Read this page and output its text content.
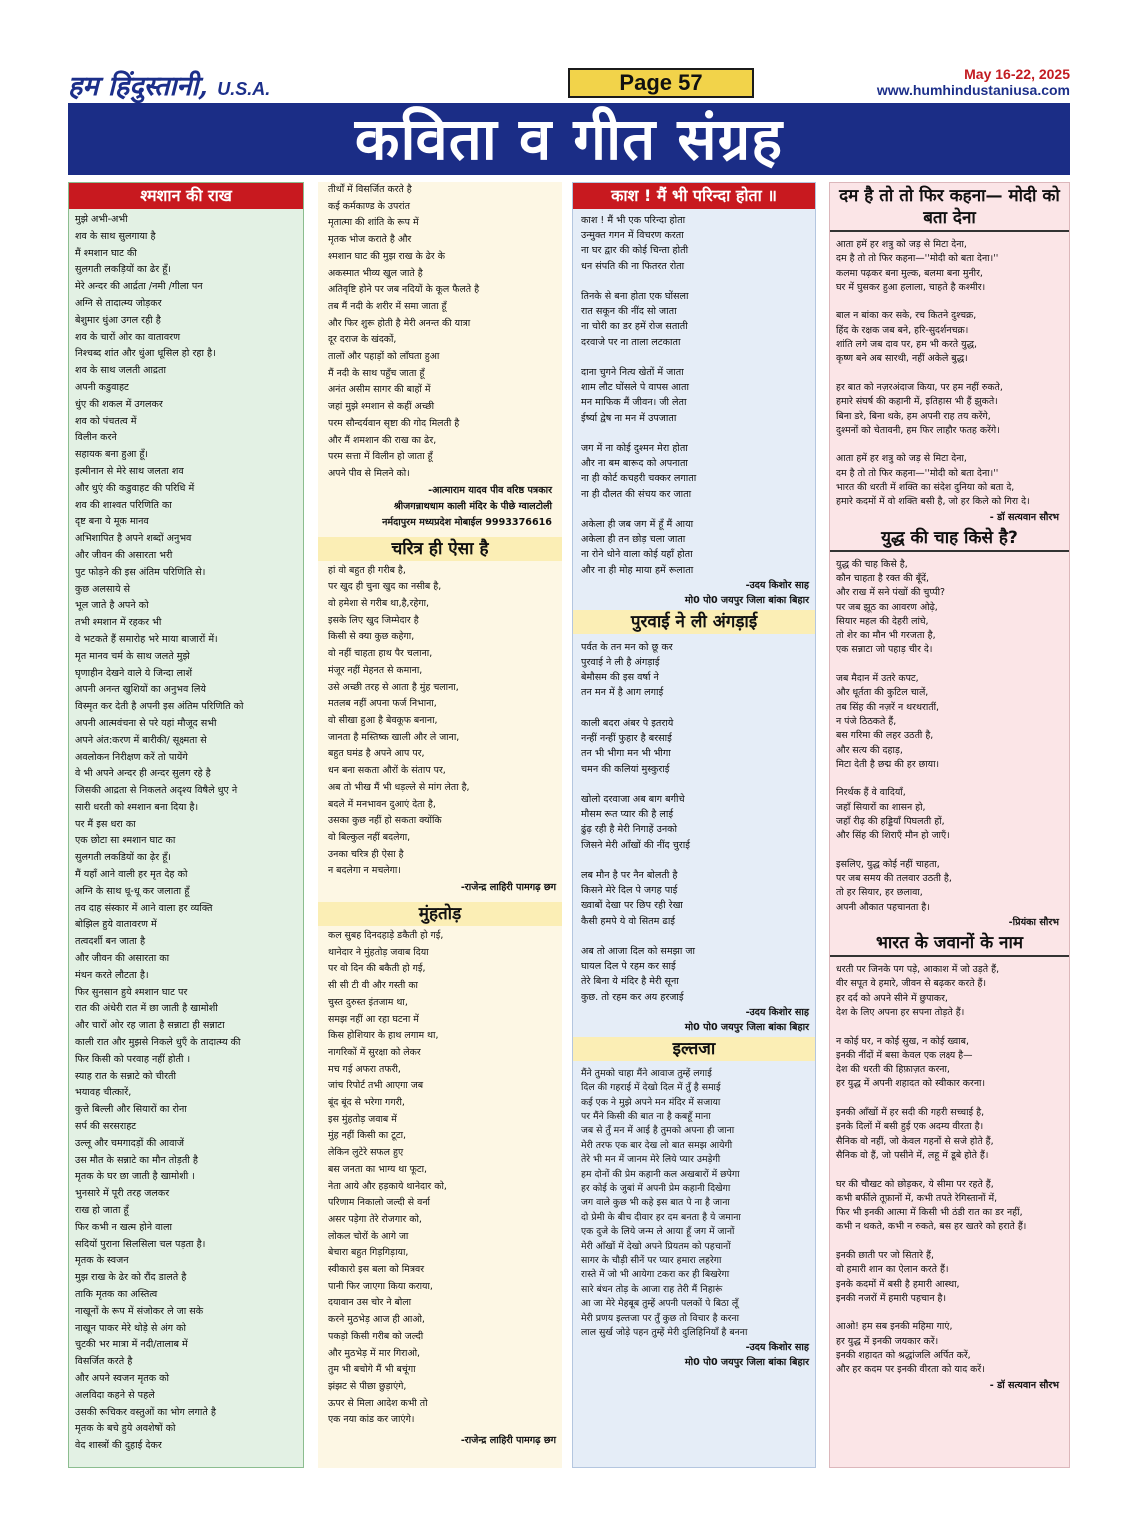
हम हिंदुस्तानी, U.S.A.	Page 57	May 16-22, 2025
www.humhindustaniusa.com
कविता व गीत संग्रह
श्मशान की राख
मुझे अभी-अभी
शव के साथ सुलगाया है
मैं श्मशान घाट की
सुलगती लकड़ियों का ढेर हूँ।
मेरे अन्दर की आर्द्रता /नमी /गीला पन
अग्नि से तादात्म्य जोड़कर
बेशुमार धुंआ उगल रही है
शव के चारों ओर का वातावरण
निश्चब्द शांत और धुंआ धूसिल हो रहा है।
शव के साथ जलती आद्रता
अपनी कडुवाहट
धुंए की शकल में उगलकर
शव को पंचतत्व में
विलीन करने
सहायक बना हुआ हूँ।
इत्मीनान से मेरे साथ जलता शव
और धुएं की कडुवाहट की परिधि में
शव की शाश्वत परिणिति का
दृष्ट बना ये मूक मानव
अभिशापित है अपने शब्दों अनुभव
और जीवन की असारता भरी
पुट फोड़ने की इस अंतिम परिणिति से।
कुछ अलसाये से
भूल जाते है अपने को
तभी श्मशान में रहकर भी
वे भटकते हैं समारोह भरे माया बाजारों में।
मृत मानव चर्म के साथ जलते मुझे
घृणाहीन देखने वाले ये जिन्दा लाशें
अपनी अनन्त खुशियों का अनुभव लिये
विस्मृत कर देती है अपनी इस अंतिम परिणिति को
अपनी आत्मवंचना से परे यहां मौजूद सभी
अपने अंत:करण में बारीकी/ सूक्ष्मता से
अवलोकन निरीक्षण करें तो पायेंगे
वे भी अपने अन्दर ही अन्दर सुलग रहे है
जिसकी आद्रता से निकलते अदृश्य विषैले धुए ने
सारी धरती को श्मशान बना दिया है।
पर मैं इस धरा का
एक छोटा सा श्मशान घाट का
सुलगती लकडियों का ढ़ेर हूँ।
मैं यहाँ आने वाली हर मृत देह को
अग्नि के साथ धू-धू कर जलाता हूँ
तव दाह संस्कार में आने वाला हर व्यक्ति
बोझिल हुये वातावरण में
तत्वदर्शी बन जाता है
और जीवन की असारता का
मंथन करते लौटता है।
फिर सुनसान हुये श्मशान घाट पर
रात की अंधेरी रात में छा जाती है खामोशी
और चारों ओर रह जाता है सन्नाटा ही सन्नाटा
काली रात और मुझसे निकले धुएँ के तादात्म्य की
फिर किसी को परवाह नहीं होती ।
स्याह रात के सन्नाटे को चीरती
भयावह चीत्कारें,
कुत्ते बिल्ली और सियारों का रोना
सर्प की सरसराहट
उल्लू और चमगादड़ों की आवाजें
उस मौत के सन्नाटे का मौन तोड़ती है
मृतक के घर छा जाती है खामोशी ।
भुनसारे में पूरी तरह जलकर
राख हो जाता हूँ
फिर कभी न खत्म होने वाला
सदियों पुराना सिलसिला चल पड़ता है।
मृतक के स्वजन
मुझ राख के ढेर को रौंद डालते है
ताकि मृतक का अस्तित्व
नाखूनों के रूप में संजोकर ले जा सके
नाखून पाकर मेरे थोड़े से अंग को
चुटकी भर मात्रा में नदी/तालाब में
विसर्जित करते है
और अपने स्वजन मृतक को
अलविदा कहने से पहले
उसकी रूचिकर वस्तुओं का भोग लगाते है
मृतक के बचे हुये अवशेषों को
वेद शास्त्रों की दुहाई देकर
तीर्थों में विसर्जित करते है
कई कर्मकाण्ड के उपरांत
मृतात्मा की शांति के रूप में
मृतक भोज कराते है और
श्मशान घाट की मुझ राख के ढेर के
अकस्मात भीव्य खुल जाते है
अतिवृष्टि होने पर जब नदियों के कूल फैलते है
तब मैं नदी के शरीर में समा जाता हूँ
और फिर शुरू होती है मेरी अनन्त की यात्रा
दूर दराज के खंदकों,
तालों और पहाड़ों को लाँघता हुआ
मैं नदी के साथ पहुँच जाता हूँ
अनंत असीम सागर की बाहों में
जहां मुझे श्मशान से कहीं अच्छी
परम सौन्दर्यवान सृष्टा की गोद मिलती है
और मैं शमशान की राख का ढेर,
परम सत्ता में विलीन हो जाता हूँ
अपने पीव से मिलने को।
-आत्माराम यादव पीव वरिष्ठ पत्रकार
श्रीजगन्नाथधाम काली मंदिर के पीछे ग्वालटोली
नर्मदापुरम मध्यप्रदेश मोबाईल 9993376616
चरित्र ही ऐसा है
हां वो बहुत ही गरीब है,
पर खुद ही चुना खुद का नसीब है,
वो हमेशा से गरीब था,है,रहेगा,
इसके लिए खुद जिम्मेदार है
किसी से क्या कुछ कहेगा,
वो नहीं चाहता हाथ पैर चलाना,
मंजूर नहीं मेहनत से कमाना,
उसे अच्छी तरह से आता है मुंह चलाना,
मतलब नहीं अपना फर्ज निभाना,
वो सीखा हुआ है बेवकूफ बनाना,
जानता है मस्तिष्क खाली और ले जाना,
बहुत घमंड है अपने आप पर,
धन बना सकता औरों के संताप पर,
अब तो भीख मैं भी धड़ल्ले से मांग लेता है,
बदले में मनभावन दुआएं देता है,
उसका कुछ नहीं हो सकता क्योंकि
वो बिल्कुल नहीं बदलेगा,
उनका चरित्र ही ऐसा है
न बदलेगा न मचलेगा।
-राजेन्द्र लाहिरी पामगढ़ छग
मुंहतोड़
कल सुबह दिनदहाड़े डकैती हो गई,
थानेदार ने मुंहतोड़ जवाब दिया
पर वो दिन की बकैती हो गई,
सी सी टी वी और गस्ती का
चुस्त दुरुस्त इंतजाम था,
समझ नहीं आ रहा घटना में
किस होशियार के हाथ लगाम था,
नागरिकों में सुरक्षा को लेकर
मच गई अफरा तफरी,
जांच रिपोर्ट तभी आएगा जब
बूंद बूंद से भरेगा गगरी,
इस मुंहतोड़ जवाब में
मुंह नहीं किसी का टूटा,
लेकिन लुटेरे सफल हुए
बस जनता का भाग्य था फूटा,
नेता आये और हड़काये थानेदार को,
परिणाम निकालो जल्दी से वर्ना
असर पड़ेगा तेरे रोजगार को,
लोकल चोरों के आगे जा
बेचारा बहुत गिड़गिड़ाया,
स्वीकारो इस बला को मित्रवर
पानी फिर जाएगा किया कराया,
दयावान उस चोर ने बोला
करने मुठभेड़ आज ही आओ,
पकड़ो किसी गरीब को जल्दी
और मुठभेड़ में मार गिराओ,
तुम भी बचोगे मैं भी बचूंगा
झंझट से पीछा छुड़ाएंगे,
ऊपर से मिला आदेश कभी तो
एक नया कांड कर जाएंगे।
-राजेन्द्र लाहिरी पामगढ़ छग
काश ! मैं भी परिन्दा होता ॥
काश ! मैं भी एक परिन्दा होता
उन्मुक्त गगन में विचरण करता
ना घर द्वार की कोई चिन्ता होती
धन संपति की ना फितरत रोता

तिनके से बना होता एक घोंसला
रात सकून की नींद सो जाता
ना चोरी का डर हमें रोज सताती
दरवाजे पर ना ताला लटकाता

दाना चुगने नित्य खेतों में जाता
शाम लौट घोंसले पे वापस आता
मन माफिक मैं जीवन। जी लेता
ईर्ष्या द्वेष ना मन में उपजाता

जग में ना कोई दुश्मन मेरा होता
और ना बम बारूद को अपनाता
ना ही कोर्ट कचहरी चक्कर लगाता
ना ही दौलत की संचय कर जाता

अकेला ही जब जग में हूँ मैं आया
अकेला ही तन छोड़ चला जाता
ना रोने धोने वाला कोई यहाँ होता
और ना ही मोह माया हमें रूलाता
-उदय किशोर साह
मो0 पो0 जयपुर जिला बांका बिहार
पुरवाई ने ली अंगड़ाई
पर्वत के तन मन को छू कर
पुरवाई ने ली है अंगड़ाई
बेमौसम की इस वर्षा ने
तन मन में है आग लगाई

काली बदरा अंबर पे इतराये
नन्हीं नन्हीं फुहार है बरसाई
तन भी भीगा मन भी भीगा
चमन की कलियां मुस्कुराई

खोलो दरवाजा अब बाग बगीचे
मौसम रूत प्यार की है लाई
ढुंढ़ रही है मेरी निगाहें उनको
जिसने मेरी आँखों की नींद चुराई

लब मौन है पर नैन बोलती है
किसने मेरे दिल पे जगह पाई
ख्वाबों देखा पर छिप रही रेखा
कैसी हमपे ये वो सितम ढाई

अब तो आजा दिल को समझा जा
घायल दिल पे रहम कर साई
तेरे बिना ये मंदिर है मेरी सूना
कुछ. तो रहम कर अय हरजाई
-उदय किशोर साह
मो0 पो0 जयपुर जिला बांका बिहार
इल्तजा
मैंने तुमको चाहा मैंने आवाज तुम्हें लगाई
दिल की गहराई में देखो दिल में तुँ है समाई
कई एक ने मुझे अपने मन मंदिर में सजाया
पर मैंने किसी की बात ना है कबहूँ माना
जब से तुँ मन में आई है तुमको अपना ही जाना
मेरी तरफ एक बार देख लो बात समझ आयेगी
तेरे भी मन में जानम मेरे लिये प्यार उमड़ेगी
हम दोनों की प्रेम कहानी कल अखबारों में छपेगा
हर कोई के जुबां में अपनी प्रेम कहानी दिखेगा
जग वाले कुछ भी कहे इस बात पे ना है जाना
दो प्रेमी के बीच दीवार हर दम बनता है ये जमाना
एक दुजे के लिये जन्म ले आया हूँ जग में जानों
मेरी आँखों में देखो अपने प्रियतम को पहचानों
सागर के चौड़ी सीनें पर प्यार हमारा लहरेगा
रास्ते में जो भी आयेगा टकरा कर ही बिखरेगा
सारे बंधन तोड़ के आजा राह तेरी मैं निहारूं
आ जा मेरे मेहबूब तुम्हें अपनी पलकों पे बिठा लूँ
मेरी प्रणय इल्तजा पर तुँ कुछ तो विचार है करना
लाल सुर्ख जोड़े पहन तुम्हें मेरी दुलिहिनियाँ है बनना
-उदय किशोर साह
मो0 पो0 जयपुर जिला बांका बिहार
दम है तो तो फिर कहना— मोदी को बता देना
आता हमें हर शत्रु को जड़ से मिटा देना,
दम है तो तो फिर कहना—''मोदी को बता देना।''
कलमा पढ़कर बना मुल्क, बलमा बना मुनीर,
घर में घुसकर हुआ हलाला, चाहते है कश्मीर।

बाल न बांका कर सके, रच कितने दुश्चक्र,
हिंद के रक्षक जब बने, हरि-सुदर्शनचक्र।
शांति लगे जब दाव पर, हम भी करते युद्ध,
कृष्ण बने अब सारथी, नहीं अकेले बुद्ध।

हर बात को नज़रअंदाज किया, पर हम नहीं रुकते,
हमारे संघर्ष की कहानी में, इतिहास भी हैं झुकते।
बिना डरे, बिना थके, हम अपनी राह तय करेंगे,
दुश्मनों को चेतावनी, हम फिर लाहौर फतह करेंगे।

आता हमें हर शत्रु को जड़ से मिटा देना,
दम है तो तो फिर कहना—''मोदी को बता देना।''
भारत की धरती में शक्ति का संदेश दुनिया को बता दे,
हमारे कदमों में वो शक्ति बसी है, जो हर किले को गिरा दे।
- डॉ सत्यवान सौरभ
युद्ध की चाह किसे है?
युद्ध की चाह किसे है,
कौन चाहता है रक्त की बूँदें,
और राख में सने पंखों की चुप्पी?
पर जब झूठ का आवरण ओढ़े,
सियार महल की देहरी लांघे,
तो शेर का मौन भी गरजता है,
एक सन्नाटा जो पहाड़ चीर दे।

जब मैदान में उतरे कपट,
और धूर्तता की कुटिल चालें,
तब सिंह की नज़रें न थरथरातीं,
न पंजे ठिठकते हैं,
बस गरिमा की लहर उठती है,
और सत्य की दहाड़,
मिटा देती है छद्म की हर छाया।

निरर्थक हैं वे वादियाँ,
जहाँ सियारों का शासन हो,
जहाँ रीढ़ की हड्डियाँ पिघलती हों,
और सिंह की शिराएँ मौन हो जाएँ।

इसलिए, युद्ध कोई नहीं चाहता,
पर जब समय की तलवार उठती है,
तो हर सियार, हर छलावा,
अपनी औकात पहचानता है।
-प्रियंका सौरभ
भारत के जवानों के नाम
धरती पर जिनके पग पड़े, आकाश में जो उड़ते हैं,
वीर सपूत वे हमारे, जीवन से बढ़कर करते हैं।
हर दर्द को अपने सीने में छुपाकर,
देश के लिए अपना हर सपना तोड़ते हैं।

न कोई घर, न कोई सुख, न कोई ख्वाब,
इनकी नींदों में बसा केवल एक लक्ष्य है—
देश की धरती की हिफ़ाज़त करना,
हर युद्ध में अपनी शहादत को स्वीकार करना।

इनकी आँखों में हर सदी की गहरी सच्चाई है,
इनके दिलों में बसी हुई एक अदम्य वीरता है।
सैनिक वो नहीं, जो केवल गहनों से सजे होते हैं,
सैनिक वो हैं, जो पसीने में, लहू में डूबे होते हैं।

घर की चौखट को छोड़कर, ये सीमा पर रहते हैं,
कभी बर्फीले तूफ़ानों में, कभी तपते रेगिस्तानों में,
फिर भी इनकी आत्मा में किसी भी ठंडी रात का डर नहीं,
कभी न थकते, कभी न रुकते, बस हर खतरे को हराते हैं।

इनकी छाती पर जो सितारे हैं,
वो हमारी शान का ऐलान करते हैं।
इनके कदमों में बसी है हमारी आस्था,
इनकी नजरों में हमारी पहचान है।

आओ! हम सब इनकी महिमा गाएं,
हर युद्ध में इनकी जयकार करें।
इनकी शहादत को श्रद्धांजलि अर्पित करें,
और हर कदम पर इनकी वीरता को याद करें।
- डॉ सत्यवान सौरभ
